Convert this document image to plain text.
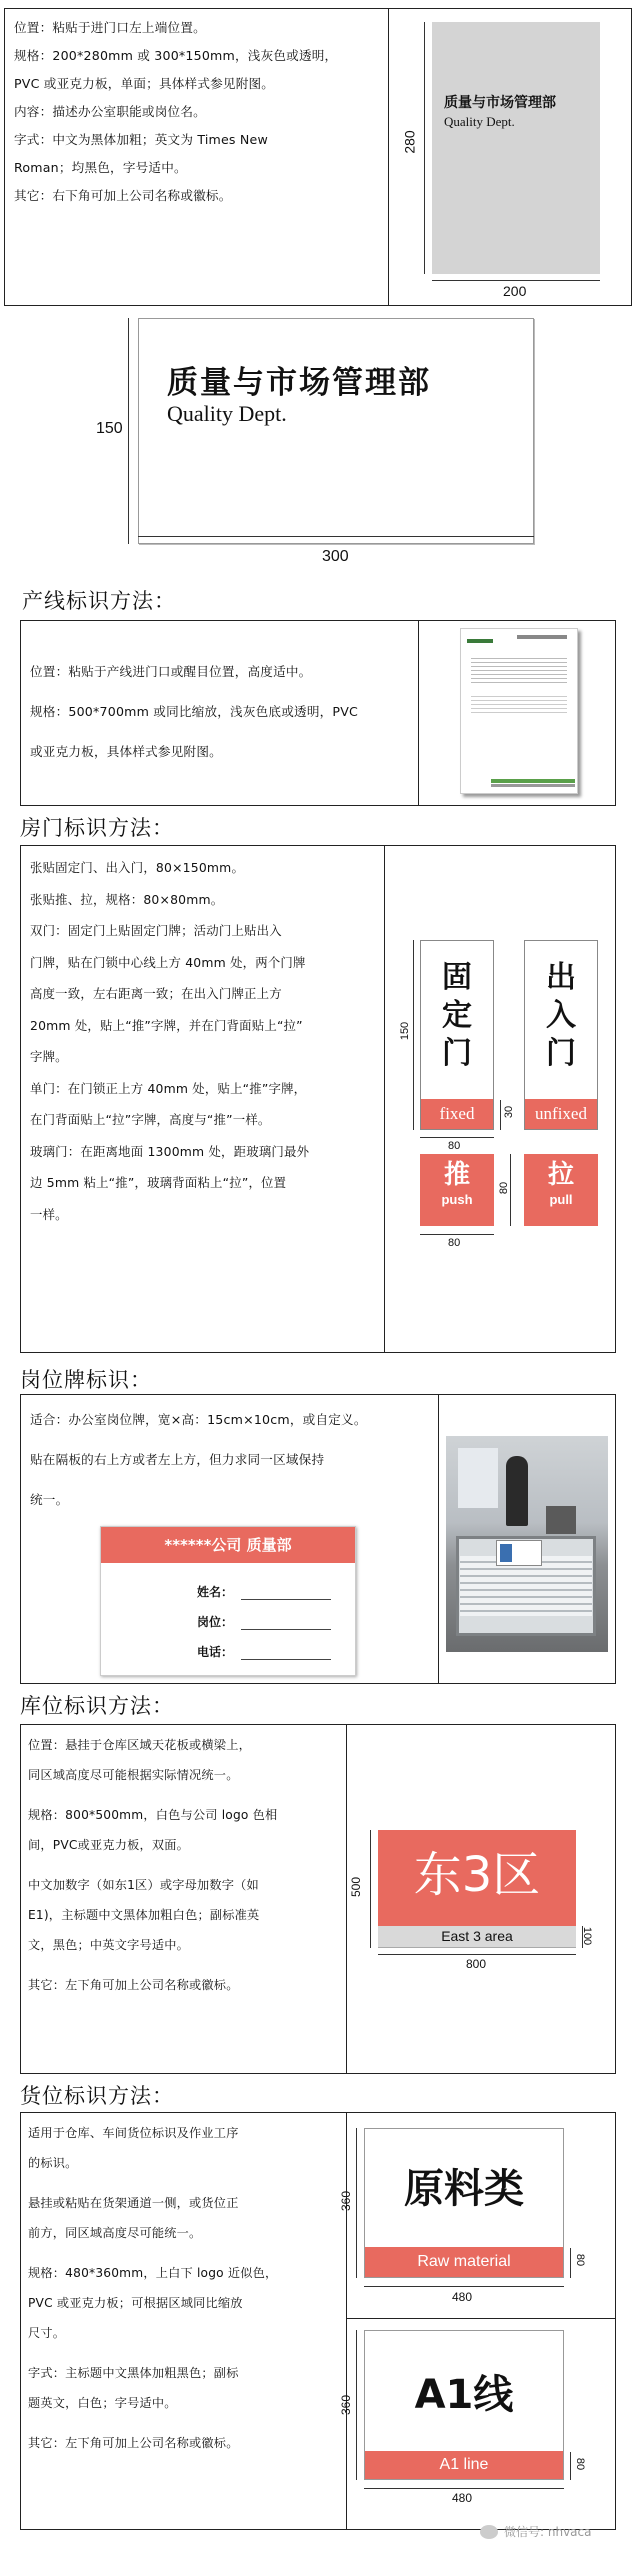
位置：粘贴于进门口左上端位置。

规格：200*280mm 或 300*150mm，浅灰色或透明，

PVC 或亚克力板，单面；具体样式参见附图。

内容：描述办公室职能或岗位名。

字式：中文为黑体加粗；英文为 Times New

Roman；均黑色，字号适中。

其它：右下角可加上公司名称或徽标。

质量与市场管理部
Quality Dept.
280
200
质量与市场管理部
Quality Dept.
150
300
产线标识方法：

位置：粘贴于产线进门口或醒目位置，高度适中。

规格：500*700mm 或同比缩放，浅灰色底或透明，PVC

或亚克力板，具体样式参见附图。

房门标识方法：

张贴固定门、出入门，80×150mm。

张贴推、拉，规格：80×80mm。

双门：固定门上贴固定门牌；活动门上贴出入

门牌，贴在门锁中心线上方 40mm 处，两个门牌

高度一致，左右距离一致；在出入门牌正上方

20mm 处，贴上“推”字牌，并在门背面贴上“拉”

字牌。

单门：在门锁正上方 40mm 处，贴上“推”字牌，

在门背面贴上“拉”字牌，高度与“推”一样。

玻璃门：在距离地面 1300mm 处，距玻璃门最外

边 5mm 粘上“推”，玻璃背面粘上“拉”，位置

一样。

固
定
门
fixed
150
30
80
出
入
门
unfixed
推
push
80
80	拉
pull
岗位牌标识：

适合：办公室岗位牌，宽×高：15cm×10cm，或自定义。

贴在隔板的右上方或者左上方，但力求同一区域保持

统一。

******公司 质量部
姓名：
岗位：
电话：
库位标识方法：

位置：悬挂于仓库区域天花板或横梁上，

同区域高度尽可能根据实际情况统一。

规格：800*500mm，白色与公司 logo 色相

间，PVC或亚克力板，双面。

中文加数字（如东1区）或字母加数字（如

E1)，主标题中文黑体加粗白色；副标准英

文，黑色；中英文字号适中。

其它：左下角可加上公司名称或徽标。

东3区
East 3 area
500
800
100
货位标识方法：

适用于仓库、车间货位标识及作业工序

的标识。

悬挂或粘贴在货架通道一侧，或货位正

前方，同区域高度尽可能统一。

规格：480*360mm，上白下 logo 近似色，

PVC 或亚克力板；可根据区域同比缩放

尺寸。

字式：主标题中文黑体加粗黑色；副标

题英文，白色；字号适中。

其它：左下角可加上公司名称或徽标。

原料类
Raw material
360
480
80
A1线
A1 line
360
480
80
微信号: nhvaca
